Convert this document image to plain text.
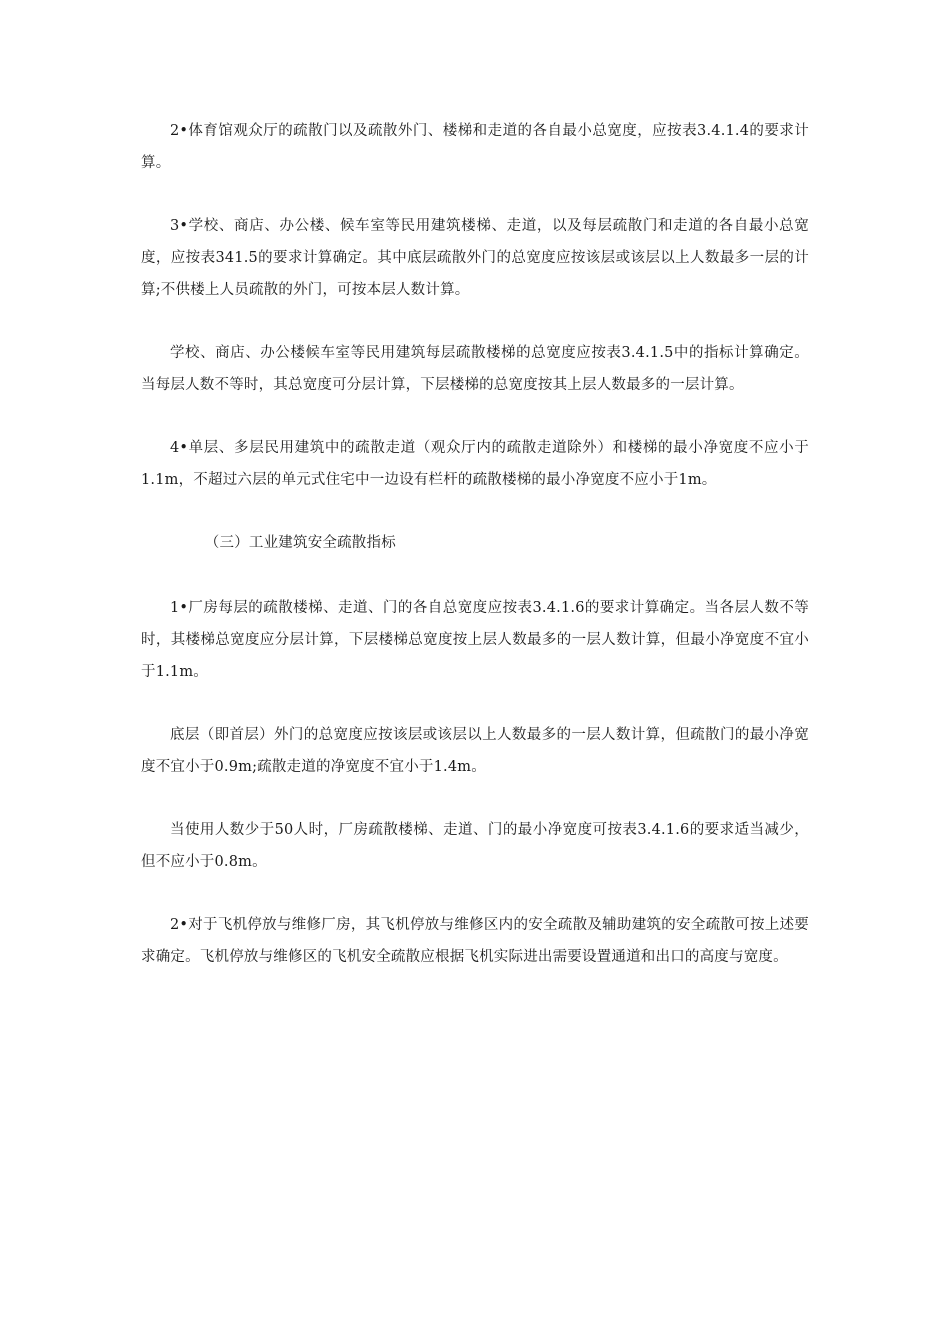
2•体育馆观众厅的疏散门以及疏散外门、楼梯和走道的各自最小总宽度，应按表3.4.1.4的要求计算。

3•学校、商店、办公楼、候车室等民用建筑楼梯、走道，以及每层疏散门和走道的各自最小总宽度，应按表341.5的要求计算确定。其中底层疏散外门的总宽度应按该层或该层以上人数最多一层的计算;不供楼上人员疏散的外门，可按本层人数计算。

学校、商店、办公楼候车室等民用建筑每层疏散楼梯的总宽度应按表3.4.1.5中的指标计算确定。当每层人数不等时，其总宽度可分层计算，下层楼梯的总宽度按其上层人数最多的一层计算。

4•单层、多层民用建筑中的疏散走道（观众厅内的疏散走道除外）和楼梯的最小净宽度不应小于1.1m，不超过六层的单元式住宅中一边设有栏杆的疏散楼梯的最小净宽度不应小于1m。

（三）工业建筑安全疏散指标

1•厂房每层的疏散楼梯、走道、门的各自总宽度应按表3.4.1.6的要求计算确定。当各层人数不等时，其楼梯总宽度应分层计算，下层楼梯总宽度按上层人数最多的一层人数计算，但最小净宽度不宜小于1.1m。

底层（即首层）外门的总宽度应按该层或该层以上人数最多的一层人数计算，但疏散门的最小净宽度不宜小于0.9m;疏散走道的净宽度不宜小于1.4m。

当使用人数少于50人时，厂房疏散楼梯、走道、门的最小净宽度可按表3.4.1.6的要求适当减少，但不应小于0.8m。

2•对于飞机停放与维修厂房，其飞机停放与维修区内的安全疏散及辅助建筑的安全疏散可按上述要求确定。飞机停放与维修区的飞机安全疏散应根据飞机实际进出需要设置通道和出口的高度与宽度。
